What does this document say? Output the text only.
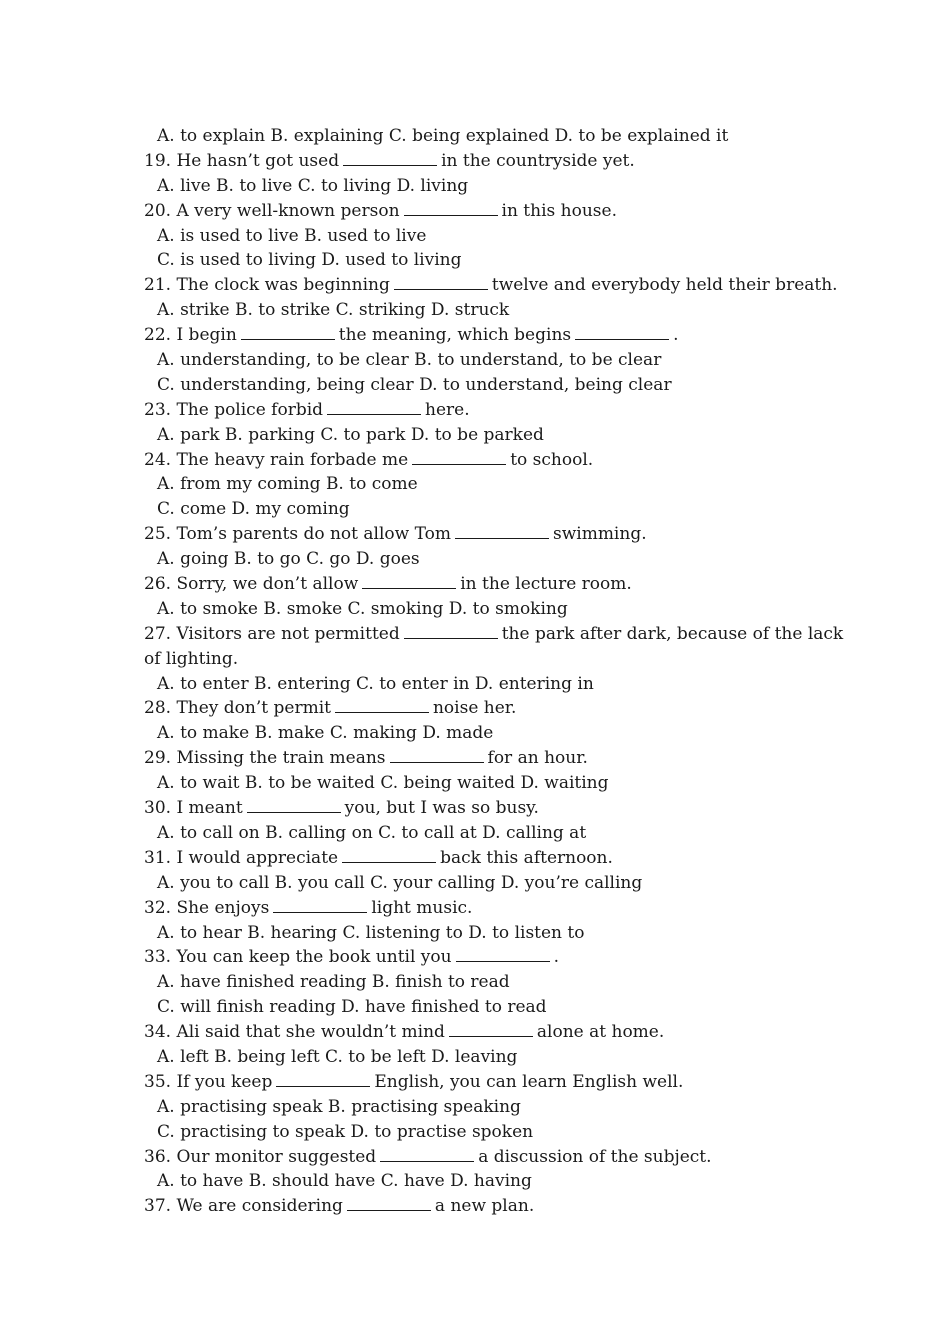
A. to explain B. explaining C. being explained D. to be explained it
19. He hasn’t got used	in the countryside yet.
A. live B. to live C. to living D. living
20. A very well-known person	in this house.
A. is used to live B. used to live
C. is used to living D. used to living
21. The clock was beginning	twelve and everybody held their breath.
A. strike B. to strike C. striking D. struck
22. I begin	the meaning, which begins	.
A. understanding, to be clear B. to understand, to be clear
C. understanding, being clear D. to understand, being clear
23. The police forbid	here.
A. park B. parking C. to park D. to be parked
24. The heavy rain forbade me	to school.
A. from my coming B. to come
C. come D. my coming
25. Tom’s parents do not allow Tom	swimming.
A. going B. to go C. go D. goes
26. Sorry, we don’t allow	in the lecture room.
A. to smoke B. smoke C. smoking D. to smoking
27. Visitors are not permitted	the park after dark, because of the lack
of lighting.
A. to enter B. entering C. to enter in D. entering in
28. They don’t permit	noise her.
A. to make B. make C. making D. made
29. Missing the train means	for an hour.
A. to wait B. to be waited C. being waited D. waiting
30. I meant	you, but I was so busy.
A. to call on B. calling on C. to call at D. calling at
31. I would appreciate	back this afternoon.
A. you to call B. you call C. your calling D. you’re calling
32. She enjoys	light music.
A. to hear B. hearing C. listening to D. to listen to
33. You can keep the book until you	.
A. have finished reading B. finish to read
C. will finish reading D. have finished to read
34. Ali said that she wouldn’t mind	alone at home.
A. left B. being left C. to be left D. leaving
35. If you keep	English, you can learn English well.
A. practising speak B. practising speaking
C. practising to speak D. to practise spoken
36. Our monitor suggested	a discussion of the subject.
A. to have B. should have C. have D. having
37. We are considering	a new plan.
